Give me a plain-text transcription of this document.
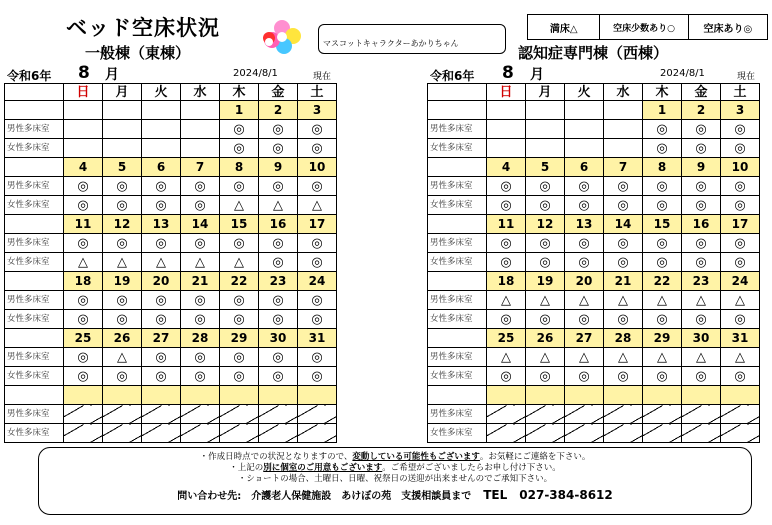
ベッド空床状況
マスコットキャラクターあかりちゃん
満床△	空床少数あり○	空床あり◎
一般棟（東棟）	認知症専門棟（西棟）
令和6年 8 月	2024/8/1	現在	令和6年 8 月	2024/8/1	現在
	日	月	火	水	木	金	土
					1	2	3
男性多床室					◎	◎	◎
女性多床室					◎	◎	◎
	4	5	6	7	8	9	10
男性多床室	◎	◎	◎	◎	◎	◎	◎
女性多床室	◎	◎	◎	◎	△	△	△
	11	12	13	14	15	16	17
男性多床室	◎	◎	◎	◎	◎	◎	◎
女性多床室	△	△	△	△	△	◎	◎
	18	19	20	21	22	23	24
男性多床室	◎	◎	◎	◎	◎	◎	◎
女性多床室	◎	◎	◎	◎	◎	◎	◎
	25	26	27	28	29	30	31
男性多床室	◎	△	◎	◎	◎	◎	◎
女性多床室	◎	◎	◎	◎	◎	◎	◎

男性多床室							
女性多床室							
	日	月	火	水	木	金	土
					1	2	3
男性多床室					◎	◎	◎
女性多床室					◎	◎	◎
	4	5	6	7	8	9	10
男性多床室	◎	◎	◎	◎	◎	◎	◎
女性多床室	◎	◎	◎	◎	◎	◎	◎
	11	12	13	14	15	16	17
男性多床室	◎	◎	◎	◎	◎	◎	◎
女性多床室	◎	◎	◎	◎	◎	◎	◎
	18	19	20	21	22	23	24
男性多床室	△	△	△	△	△	△	△
女性多床室	◎	◎	◎	◎	◎	◎	◎
	25	26	27	28	29	30	31
男性多床室	△	△	△	△	△	△	△
女性多床室	◎	◎	◎	◎	◎	◎	◎

男性多床室							
女性多床室							
・作成日時点での状況となりますので、変動している可能性もございます。お気軽にご連絡を下さい。
・上記の別に個室のご用意もございます。ご希望がございましたらお申し付け下さい。
・ショートの場合、土曜日、日曜、祝祭日の送迎が出来ませんのでご承知下さい。
問い合わせ先:　介護老人保健施設　あけぼの苑　支援相談員まで TEL　027-384-8612
